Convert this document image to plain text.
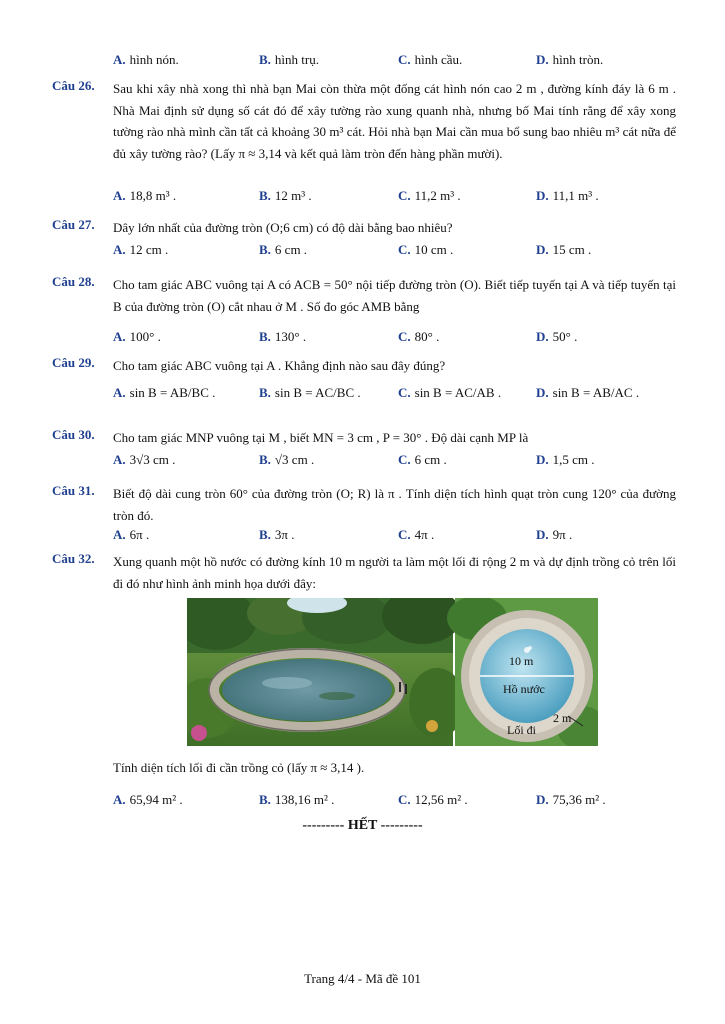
A. hình nón.	B. hình trụ.	C. hình cầu.	D. hình tròn.
Câu 26. Sau khi xây nhà xong thì nhà bạn Mai còn thừa một đống cát hình nón cao 2 m , đường kính đáy là 6 m . Nhà Mai định sử dụng số cát đó để xây tường rào xung quanh nhà, nhưng bố Mai tính rằng để xây xong tường rào nhà mình cần tất cả khoảng 30 m³ cát. Hỏi nhà bạn Mai cần mua bổ sung bao nhiêu m³ cát nữa để đủ xây tường rào? (Lấy π ≈ 3,14 và kết quả làm tròn đến hàng phần mười).
A. 18,8 m³ .	B. 12 m³ .	C. 11,2 m³ .	D. 11,1 m³ .
Câu 27. Dây lớn nhất của đường tròn (O;6 cm) có độ dài bằng bao nhiêu?
A. 12 cm .	B. 6 cm .	C. 10 cm .	D. 15 cm .
Câu 28. Cho tam giác ABC vuông tại A có ACB = 50° nội tiếp đường tròn (O). Biết tiếp tuyến tại A và tiếp tuyến tại B của đường tròn (O) cắt nhau ở M . Số đo góc AMB bằng
A. 100° .	B. 130° .	C. 80° .	D. 50° .
Câu 29. Cho tam giác ABC vuông tại A . Khẳng định nào sau đây đúng?
A. sin B = AB/BC .	B. sin B = AC/BC .	C. sin B = AC/AB .	D. sin B = AB/AC .
Câu 30. Cho tam giác MNP vuông tại M , biết MN = 3 cm , P = 30° . Độ dài cạnh MP là
A. 3√3 cm .	B. √3 cm .	C. 6 cm .	D. 1,5 cm .
Câu 31. Biết độ dài cung tròn 60° của đường tròn (O; R) là π . Tính diện tích hình quạt tròn cung 120° của đường tròn đó.
A. 6π .	B. 3π .	C. 4π .	D. 9π .
Câu 32. Xung quanh một hồ nước có đường kính 10 m người ta làm một lối đi rộng 2 m và dự định trồng cỏ trên lối đi đó như hình ảnh minh họa dưới đây:
10 m
Hồ nước
2 m
Lối đi
Tính diện tích lối đi cần trồng cỏ (lấy π ≈ 3,14 ).
A. 65,94 m² .	B. 138,16 m² .	C. 12,56 m² .	D. 75,36 m² .
--------- HẾT ---------
Trang 4/4 - Mã đề 101
